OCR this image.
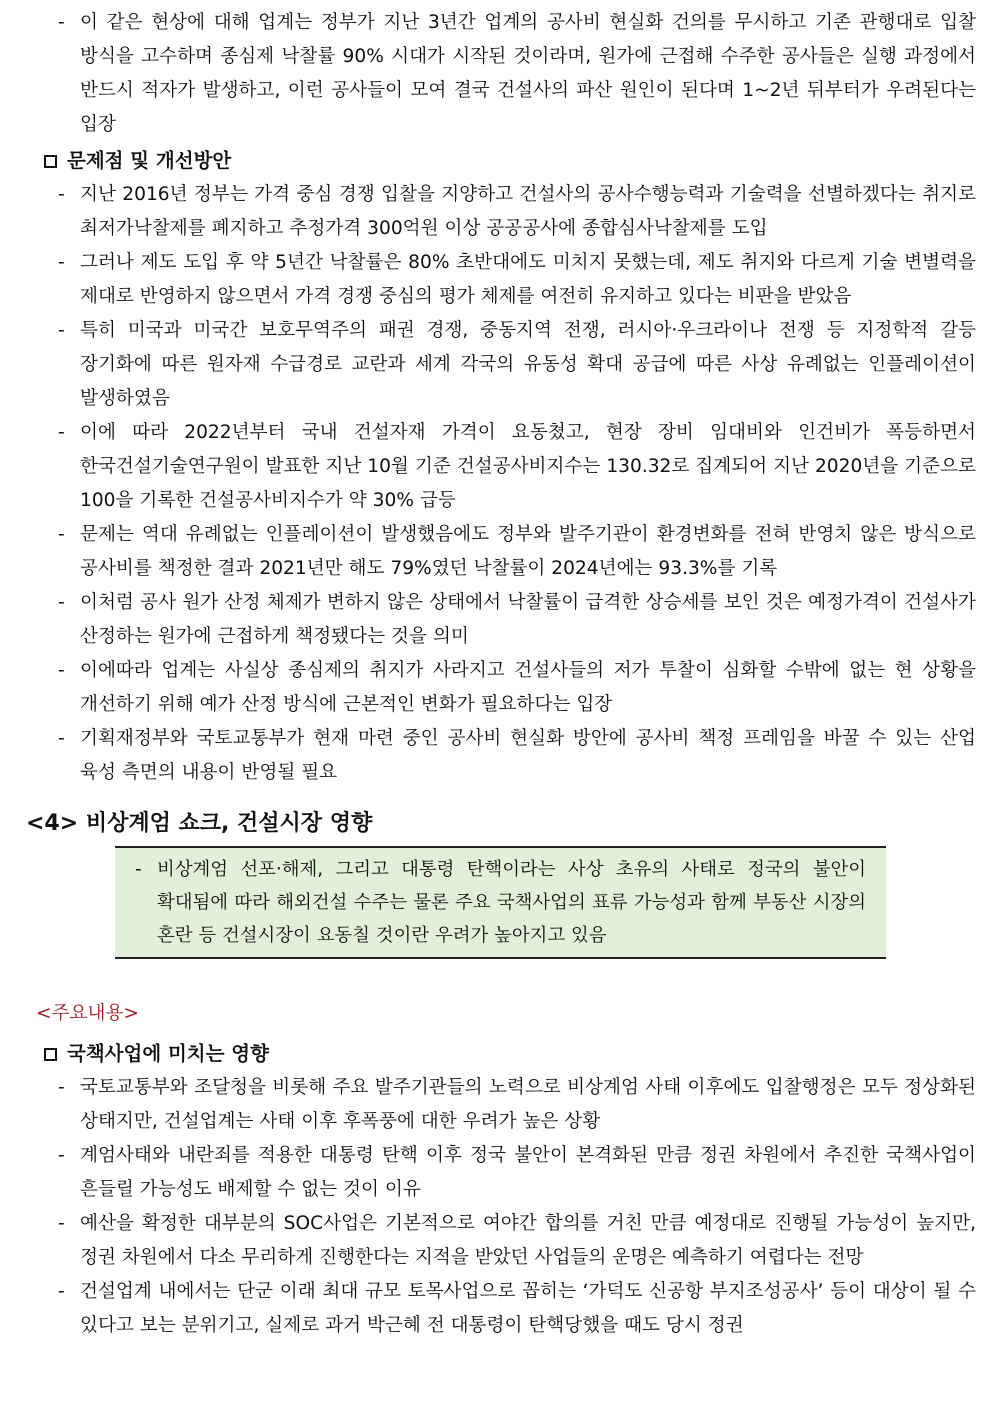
- 이 같은 현상에 대해 업계는 정부가 지난 3년간 업계의 공사비 현실화 건의를 무시하고 기존 관행대로 입찰 방식을 고수하며 종심제 낙찰률 90% 시대가 시작된 것이라며, 원가에 근접해 수주한 공사들은 실행 과정에서 반드시 적자가 발생하고, 이런 공사들이 모여 결국 건설사의 파산 원인이 된다며 1~2년 뒤부터가 우려된다는 입장
문제점 및 개선방안
- 지난 2016년 정부는 가격 중심 경쟁 입찰을 지양하고 건설사의 공사수행능력과 기술력을 선별하겠다는 취지로 최저가낙찰제를 폐지하고 추정가격 300억원 이상 공공공사에 종합심사낙찰제를 도입
- 그러나 제도 도입 후 약 5년간 낙찰률은 80% 초반대에도 미치지 못했는데, 제도 취지와 다르게 기술 변별력을 제대로 반영하지 않으면서 가격 경쟁 중심의 평가 체제를 여전히 유지하고 있다는 비판을 받았음
- 특히 미국과 미국간 보호무역주의 패권 경쟁, 중동지역 전쟁, 러시아·우크라이나 전쟁 등 지정학적 갈등 장기화에 따른 원자재 수급경로 교란과 세계 각국의 유동성 확대 공급에 따른 사상 유례없는 인플레이션이 발생하였음
- 이에 따라 2022년부터 국내 건설자재 가격이 요동쳤고, 현장 장비 임대비와 인건비가 폭등하면서 한국건설기술연구원이 발표한 지난 10월 기준 건설공사비지수는 130.32로 집계되어 지난 2020년을 기준으로 100을 기록한 건설공사비지수가 약 30% 급등
- 문제는 역대 유례없는 인플레이션이 발생했음에도 정부와 발주기관이 환경변화를 전혀 반영치 않은 방식으로 공사비를 책정한 결과 2021년만 해도 79%였던 낙찰률이 2024년에는 93.3%를 기록
- 이처럼 공사 원가 산정 체제가 변하지 않은 상태에서 낙찰률이 급격한 상승세를 보인 것은 예정가격이 건설사가 산정하는 원가에 근접하게 책정됐다는 것을 의미
- 이에따라 업계는 사실상 종심제의 취지가 사라지고 건설사들의 저가 투찰이 심화할 수밖에 없는 현 상황을 개선하기 위해 예가 산정 방식에 근본적인 변화가 필요하다는 입장
- 기획재정부와 국토교통부가 현재 마련 중인 공사비 현실화 방안에 공사비 책정 프레임을 바꿀 수 있는 산업 육성 측면의 내용이 반영될 필요
<4> 비상계엄 쇼크, 건설시장 영향
- 비상계엄 선포·해제, 그리고 대통령 탄핵이라는 사상 초유의 사태로 정국의 불안이 확대됨에 따라 해외건설 수주는 물론 주요 국책사업의 표류 가능성과 함께 부동산 시장의 혼란 등 건설시장이 요동칠 것이란 우려가 높아지고 있음
<주요내용>
국책사업에 미치는 영향
- 국토교통부와 조달청을 비롯해 주요 발주기관들의 노력으로 비상계엄 사태 이후에도 입찰행정은 모두 정상화된 상태지만, 건설업계는 사태 이후 후폭풍에 대한 우려가 높은 상황
- 계엄사태와 내란죄를 적용한 대통령 탄핵 이후 정국 불안이 본격화된 만큼 정권 차원에서 추진한 국책사업이 흔들릴 가능성도 배제할 수 없는 것이 이유
- 예산을 확정한 대부분의 SOC사업은 기본적으로 여야간 합의를 거친 만큼 예정대로 진행될 가능성이 높지만, 정권 차원에서 다소 무리하게 진행한다는 지적을 받았던 사업들의 운명은 예측하기 여렵다는 전망
- 건설업계 내에서는 단군 이래 최대 규모 토목사업으로 꼽히는 ‘가덕도 신공항 부지조성공사’ 등이 대상이 될 수 있다고 보는 분위기고, 실제로 과거 박근혜 전 대통령이 탄핵당했을 때도 당시 정권
